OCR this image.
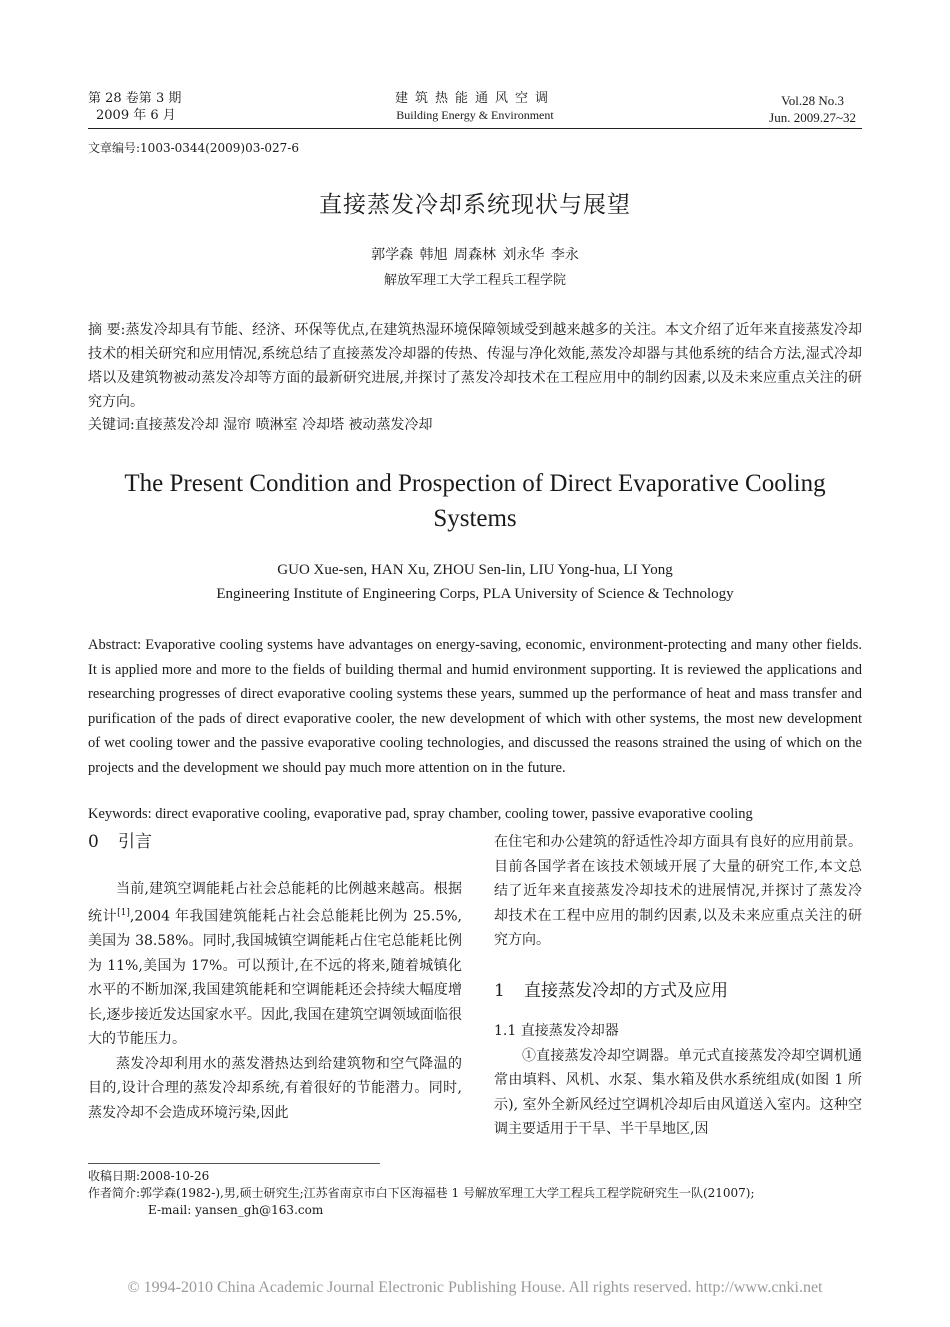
第 28 卷第 3 期
2009 年 6 月
建筑热能通风空调
Building Energy & Environment
Vol.28 No.3
Jun. 2009.27~32
文章编号:1003-0344(2009)03-027-6
直接蒸发冷却系统现状与展望
郭学森 韩旭 周森林 刘永华 李永
解放军理工大学工程兵工程学院
摘 要:蒸发冷却具有节能、经济、环保等优点,在建筑热湿环境保障领域受到越来越多的关注。本文介绍了近年来直接蒸发冷却技术的相关研究和应用情况,系统总结了直接蒸发冷却器的传热、传湿与净化效能,蒸发冷却器与其他系统的结合方法,湿式冷却塔以及建筑物被动蒸发冷却等方面的最新研究进展,并探讨了蒸发冷却技术在工程应用中的制约因素,以及未来应重点关注的研究方向。
关键词:直接蒸发冷却 湿帘 喷淋室 冷却塔 被动蒸发冷却
The Present Condition and Prospection of Direct Evaporative Cooling Systems
GUO Xue-sen, HAN Xu, ZHOU Sen-lin, LIU Yong-hua, LI Yong
Engineering Institute of Engineering Corps, PLA University of Science & Technology
Abstract: Evaporative cooling systems have advantages on energy-saving, economic, environment-protecting and many other fields. It is applied more and more to the fields of building thermal and humid environment supporting. It is reviewed the applications and researching progresses of direct evaporative cooling systems these years, summed up the performance of heat and mass transfer and purification of the pads of direct evaporative cooler, the new development of which with other systems, the most new development of wet cooling tower and the passive evaporative cooling technologies, and discussed the reasons strained the using of which on the projects and the development we should pay much more attention on in the future.
Keywords: direct evaporative cooling, evaporative pad, spray chamber, cooling tower, passive evaporative cooling

0 引言

当前,建筑空调能耗占社会总能耗的比例越来越高。根据统计[1],2004 年我国建筑能耗占社会总能耗比例为 25.5%,美国为 38.58%。同时,我国城镇空调能耗占住宅总能耗比例为 11%,美国为 17%。可以预计,在不远的将来,随着城镇化水平的不断加深,我国建筑能耗和空调能耗还会持续大幅度增长,逐步接近发达国家水平。因此,我国在建筑空调领域面临很大的节能压力。

蒸发冷却利用水的蒸发潜热达到给建筑物和空气降温的目的,设计合理的蒸发冷却系统,有着很好的节能潜力。同时,蒸发冷却不会造成环境污染,因此

在住宅和办公建筑的舒适性冷却方面具有良好的应用前景。目前各国学者在该技术领域开展了大量的研究工作,本文总结了近年来直接蒸发冷却技术的进展情况,并探讨了蒸发冷却技术在工程中应用的制约因素,以及未来应重点关注的研究方向。

1 直接蒸发冷却的方式及应用

1.1 直接蒸发冷却器

①直接蒸发冷却空调器。单元式直接蒸发冷却空调机通常由填料、风机、水泵、集水箱及供水系统组成(如图 1 所示), 室外全新风经过空调机冷却后由风道送入室内。这种空调主要适用于干旱、半干旱地区,因

收稿日期:2008-10-26
作者简介:郭学森(1982-),男,硕士研究生;江苏省南京市白下区海福巷 1 号解放军理工大学工程兵工程学院研究生一队(21007);
E-mail: yansen_gh@163.com
© 1994-2010 China Academic Journal Electronic Publishing House. All rights reserved. http://www.cnki.net
